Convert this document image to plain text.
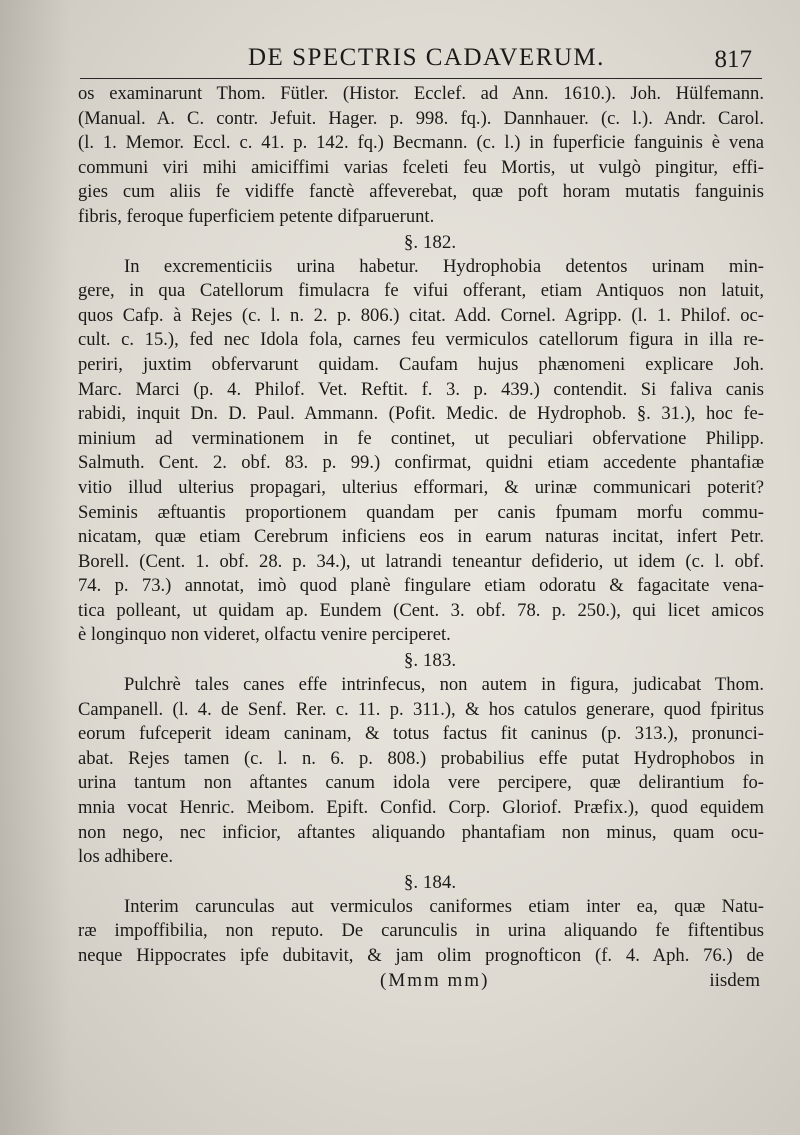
DE SPECTRIS CADAVERUM.	817
os examinarunt Thom. Fütler. (Histor. Ecclef. ad Ann. 1610.). Joh. Hülfemann.
(Manual. A. C. contr. Jefuit. Hager. p. 998. fq.). Dannhauer. (c. l.). Andr. Carol.
(l. 1. Memor. Eccl. c. 41. p. 142. fq.) Becmann. (c. l.) in fuperficie fanguinis è vena
communi viri mihi amiciffimi varias fceleti feu Mortis, ut vulgò pingitur, effi-
gies cum aliis fe vidiffe fanctè affeverebat, quæ poft horam mutatis fanguinis
fibris, feroque fuperficiem petente difparuerunt.
§. 182.
In excrementiciis urina habetur. Hydrophobia detentos urinam min-
gere, in qua Catellorum fimulacra fe vifui offerant, etiam Antiquos non latuit,
quos Cafp. à Rejes (c. l. n. 2. p. 806.) citat. Add. Cornel. Agripp. (l. 1. Philof. oc-
cult. c. 15.), fed nec Idola fola, carnes feu vermiculos catellorum figura in illa re-
periri, juxtim obfervarunt quidam. Caufam hujus phænomeni explicare Joh.
Marc. Marci (p. 4. Philof. Vet. Reftit. f. 3. p. 439.) contendit. Si faliva canis
rabidi, inquit Dn. D. Paul. Ammann. (Pofit. Medic. de Hydrophob. §. 31.), hoc fe-
minium ad verminationem in fe continet, ut peculiari obfervatione Philipp.
Salmuth. Cent. 2. obf. 83. p. 99.) confirmat, quidni etiam accedente phantafiæ
vitio illud ulterius propagari, ulterius efformari, & urinæ communicari poterit?
Seminis æftuantis proportionem quandam per canis fpumam morfu commu-
nicatam, quæ etiam Cerebrum inficiens eos in earum naturas incitat, infert Petr.
Borell. (Cent. 1. obf. 28. p. 34.), ut latrandi teneantur defiderio, ut idem (c. l. obf.
74. p. 73.) annotat, imò quod planè fingulare etiam odoratu & fagacitate vena-
tica polleant, ut quidam ap. Eundem (Cent. 3. obf. 78. p. 250.), qui licet amicos
è longinquo non videret, olfactu venire perciperet.
§. 183.
Pulchrè tales canes effe intrinfecus, non autem in figura, judicabat Thom.
Campanell. (l. 4. de Senf. Rer. c. 11. p. 311.), & hos catulos generare, quod fpiritus
eorum fufceperit ideam caninam, & totus factus fit caninus (p. 313.), pronunci-
abat. Rejes tamen (c. l. n. 6. p. 808.) probabilius effe putat Hydrophobos in
urina tantum non aftantes canum idola vere percipere, quæ delirantium fo-
mnia vocat Henric. Meibom. Epift. Confid. Corp. Gloriof. Præfix.), quod equidem
non nego, nec inficior, aftantes aliquando phantafiam non minus, quam ocu-
los adhibere.
§. 184.
Interim carunculas aut vermiculos caniformes etiam inter ea, quæ Natu-
ræ impoffibilia, non reputo. De carunculis in urina aliquando fe fiftentibus
neque Hippocrates ipfe dubitavit, & jam olim prognofticon (f. 4. Aph. 76.) de
(Mmm mm)	iisdem
